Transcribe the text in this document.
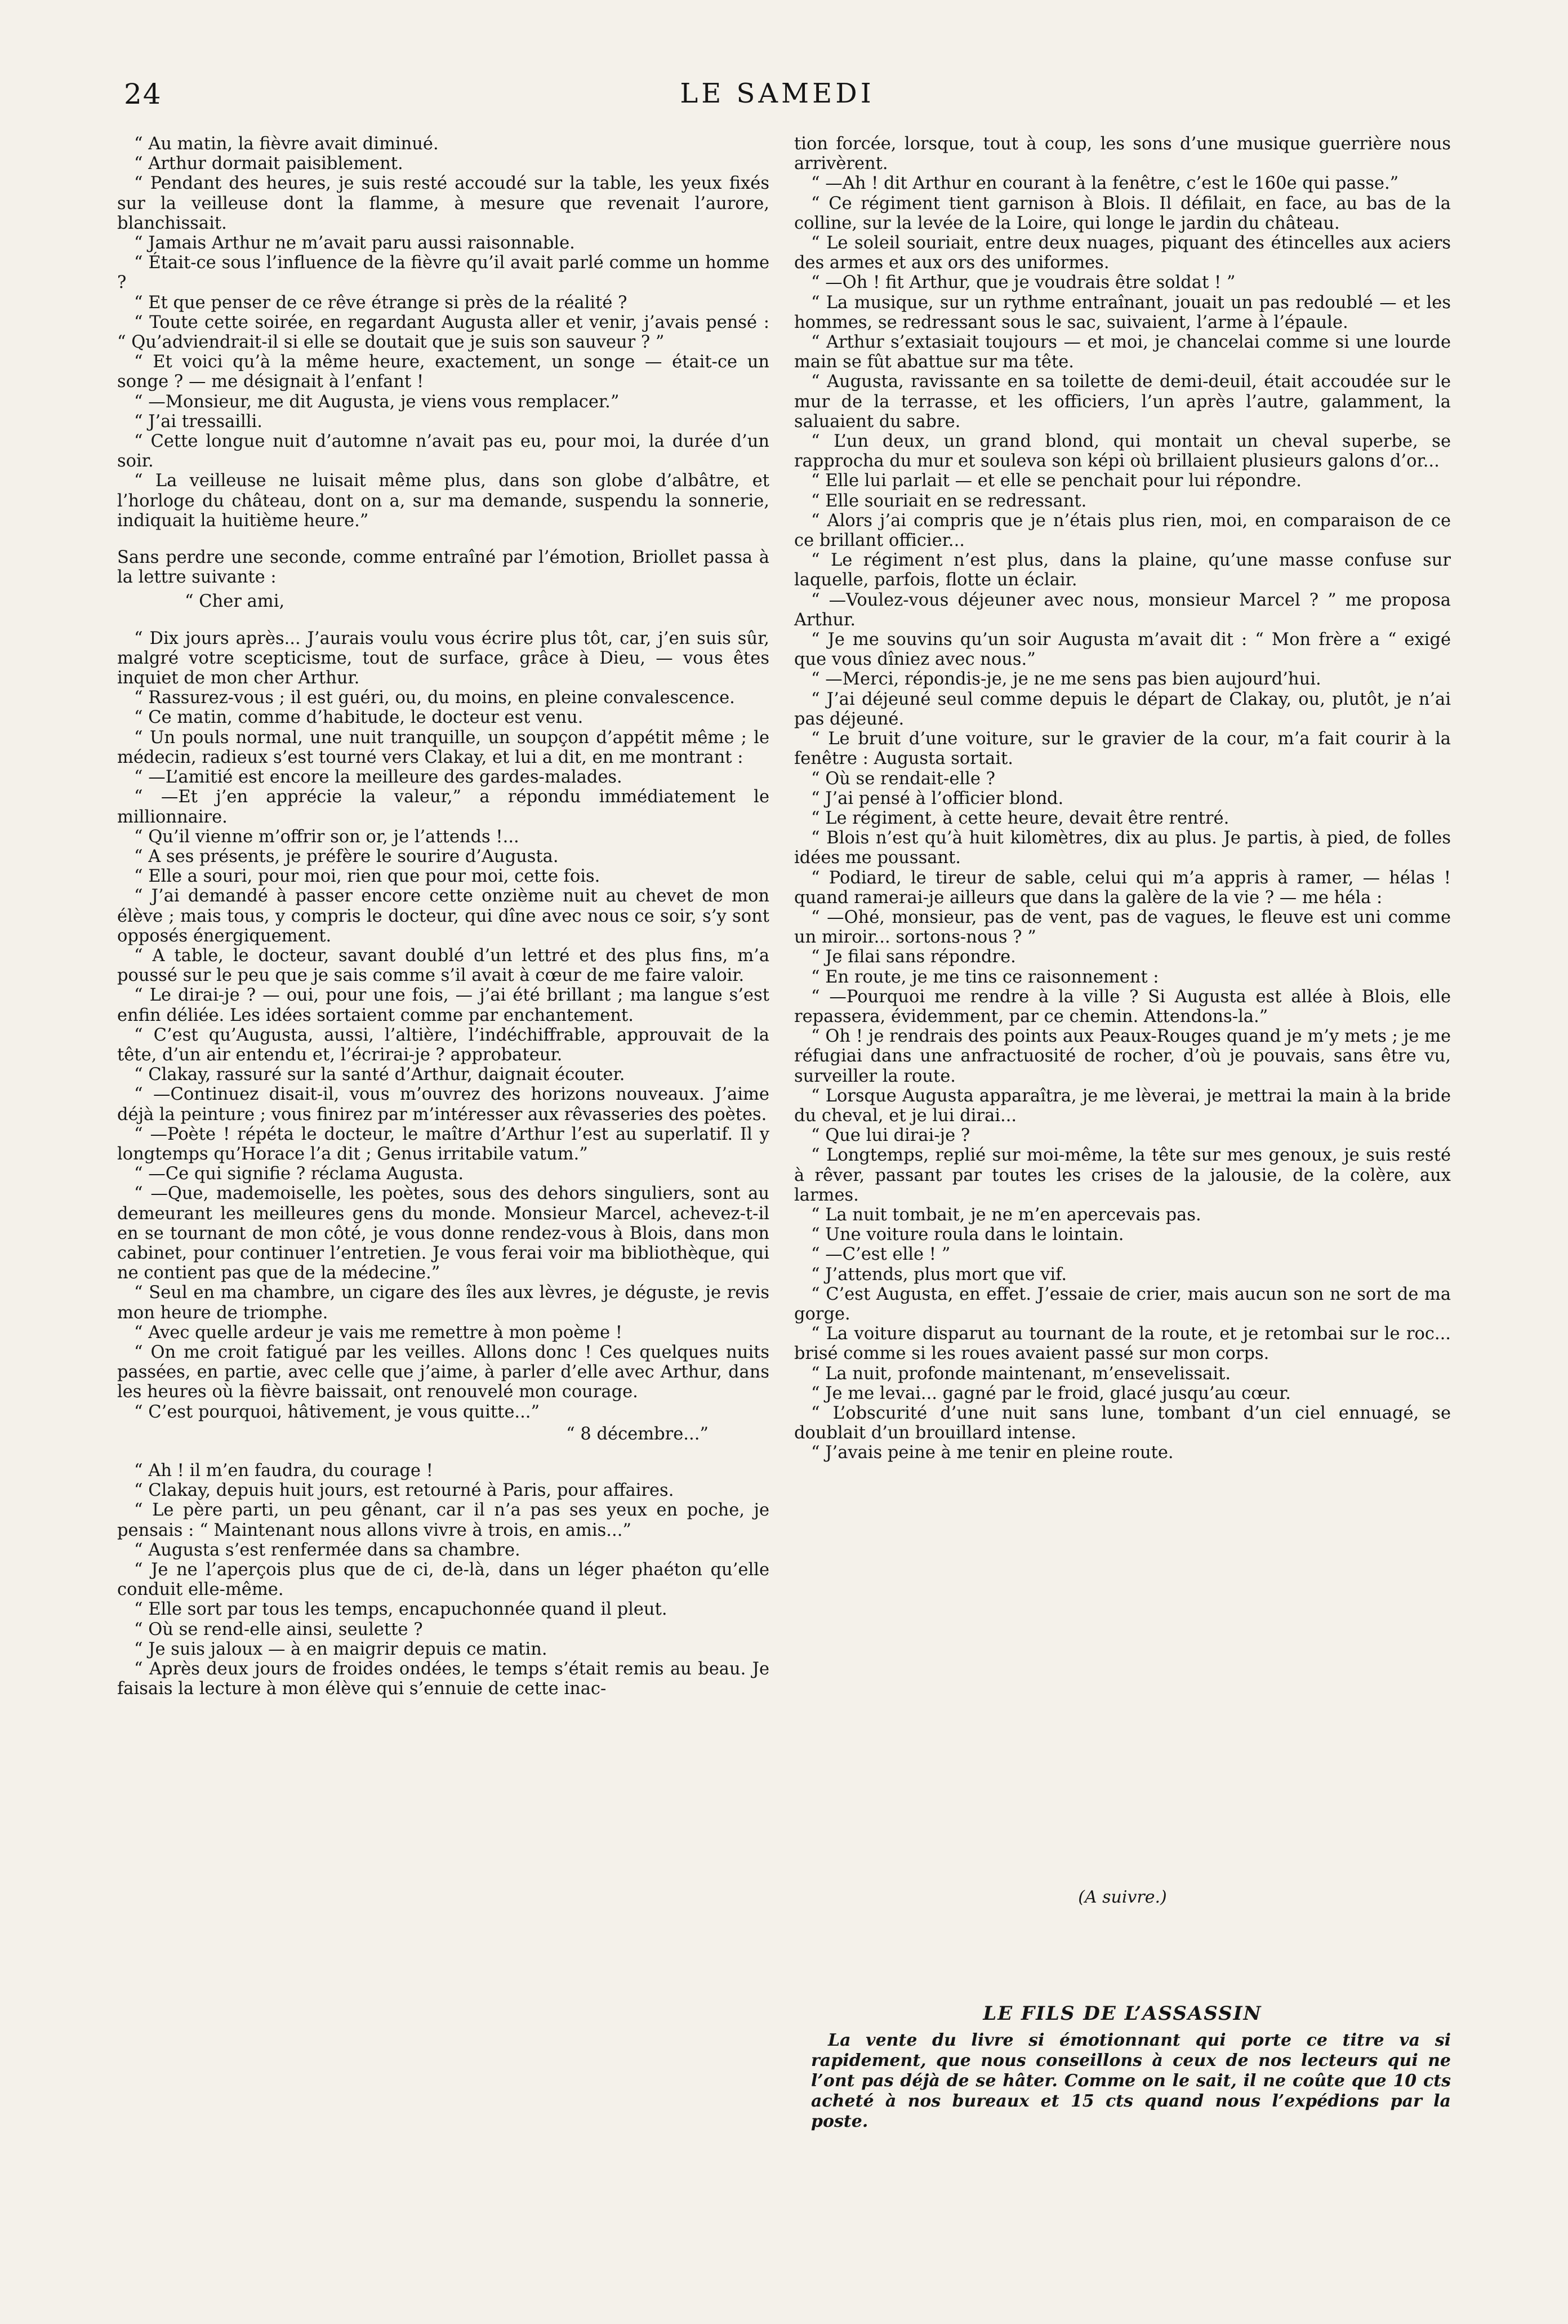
24	LE SAMEDI

“ Au matin, la fièvre avait diminué.

“ Arthur dormait paisiblement.

“ Pendant des heures, je suis resté accoudé sur la table, les yeux fixés sur la veilleuse dont la flamme, à mesure que revenait l’aurore, blanchissait.

“ Jamais Arthur ne m’avait paru aussi raisonnable.

“ Était-ce sous l’influence de la fièvre qu’il avait parlé comme un homme ?

“ Et que penser de ce rêve étrange si près de la réalité ?

“ Toute cette soirée, en regardant Augusta aller et venir, j’avais pensé : “ Qu’adviendrait-il si elle se doutait que je suis son sauveur ? ”

“ Et voici qu’à la même heure, exactement, un songe — était-ce un songe ? — me désignait à l’enfant !

“ —Monsieur, me dit Augusta, je viens vous remplacer.”

“ J’ai tressailli.

“ Cette longue nuit d’automne n’avait pas eu, pour moi, la durée d’un soir.

“ La veilleuse ne luisait même plus, dans son globe d’albâtre, et l’horloge du château, dont on a, sur ma demande, suspendu la sonnerie, indiquait la huitième heure.”

Sans perdre une seconde, comme entraîné par l’émotion, Briollet passa à la lettre suivante :

“ Cher ami,

“ Dix jours après... J’aurais voulu vous écrire plus tôt, car, j’en suis sûr, malgré votre scepticisme, tout de surface, grâce à Dieu, — vous êtes inquiet de mon cher Arthur.

“ Rassurez-vous ; il est guéri, ou, du moins, en pleine convalescence.

“ Ce matin, comme d’habitude, le docteur est venu.

“ Un pouls normal, une nuit tranquille, un soupçon d’appétit même ; le médecin, radieux s’est tourné vers Clakay, et lui a dit, en me montrant :

“ —L’amitié est encore la meilleure des gardes-malades.

“ —Et j’en apprécie la valeur,” a répondu immédiatement le millionnaire.

“ Qu’il vienne m’offrir son or, je l’attends !...

“ A ses présents, je préfère le sourire d’Augusta.

“ Elle a souri, pour moi, rien que pour moi, cette fois.

“ J’ai demandé à passer encore cette onzième nuit au chevet de mon élève ; mais tous, y compris le docteur, qui dîne avec nous ce soir, s’y sont opposés énergiquement.

“ A table, le docteur, savant doublé d’un lettré et des plus fins, m’a poussé sur le peu que je sais comme s’il avait à cœur de me faire valoir.

“ Le dirai-je ? — oui, pour une fois, — j’ai été brillant ; ma langue s’est enfin déliée. Les idées sortaient comme par enchantement.

“ C’est qu’Augusta, aussi, l’altière, l’indéchiffrable, approuvait de la tête, d’un air entendu et, l’écrirai-je ? approbateur.

“ Clakay, rassuré sur la santé d’Arthur, daignait écouter.

“ —Continuez disait-il, vous m’ouvrez des horizons nouveaux. J’aime déjà la peinture ; vous finirez par m’intéresser aux rêvasseries des poètes.

“ —Poète ! répéta le docteur, le maître d’Arthur l’est au superlatif. Il y longtemps qu’Horace l’a dit ; Genus irritabile vatum.”

“ —Ce qui signifie ? réclama Augusta.

“ —Que, mademoiselle, les poètes, sous des dehors singuliers, sont au demeurant les meilleures gens du monde. Monsieur Marcel, achevez-t-il en se tournant de mon côté, je vous donne rendez-vous à Blois, dans mon cabinet, pour continuer l’entretien. Je vous ferai voir ma bibliothèque, qui ne contient pas que de la médecine.”

“ Seul en ma chambre, un cigare des îles aux lèvres, je déguste, je revis mon heure de triomphe.

“ Avec quelle ardeur je vais me remettre à mon poème !

“ On me croit fatigué par les veilles. Allons donc ! Ces quelques nuits passées, en partie, avec celle que j’aime, à parler d’elle avec Arthur, dans les heures où la fièvre baissait, ont renouvelé mon courage.

“ C’est pourquoi, hâtivement, je vous quitte...”

“ 8 décembre...”

“ Ah ! il m’en faudra, du courage !

“ Clakay, depuis huit jours, est retourné à Paris, pour affaires.

“ Le père parti, un peu gênant, car il n’a pas ses yeux en poche, je pensais : “ Maintenant nous allons vivre à trois, en amis...”

“ Augusta s’est renfermée dans sa chambre.

“ Je ne l’aperçois plus que de ci, de-là, dans un léger phaéton qu’elle conduit elle-même.

“ Elle sort par tous les temps, encapuchonnée quand il pleut.

“ Où se rend-elle ainsi, seulette ?

“ Je suis jaloux — à en maigrir depuis ce matin.

“ Après deux jours de froides ondées, le temps s’était remis au beau. Je faisais la lecture à mon élève qui s’ennuie de cette inac-

tion forcée, lorsque, tout à coup, les sons d’une musique guerrière nous arrivèrent.

“ —Ah ! dit Arthur en courant à la fenêtre, c’est le 160e qui passe.”

“ Ce régiment tient garnison à Blois. Il défilait, en face, au bas de la colline, sur la levée de la Loire, qui longe le jardin du château.

“ Le soleil souriait, entre deux nuages, piquant des étincelles aux aciers des armes et aux ors des uniformes.

“ —Oh ! fit Arthur, que je voudrais être soldat ! ”

“ La musique, sur un rythme entraînant, jouait un pas redoublé — et les hommes, se redressant sous le sac, suivaient, l’arme à l’épaule.

“ Arthur s’extasiait toujours — et moi, je chancelai comme si une lourde main se fût abattue sur ma tête.

“ Augusta, ravissante en sa toilette de demi-deuil, était accoudée sur le mur de la terrasse, et les officiers, l’un après l’autre, galamment, la saluaient du sabre.

“ L’un deux, un grand blond, qui montait un cheval superbe, se rapprocha du mur et souleva son képi où brillaient plusieurs galons d’or...

“ Elle lui parlait — et elle se penchait pour lui répondre.

“ Elle souriait en se redressant.

“ Alors j’ai compris que je n’étais plus rien, moi, en comparaison de ce ce brillant officier...

“ Le régiment n’est plus, dans la plaine, qu’une masse confuse sur laquelle, parfois, flotte un éclair.

“ —Voulez-vous déjeuner avec nous, monsieur Marcel ? ” me proposa Arthur.

“ Je me souvins qu’un soir Augusta m’avait dit : “ Mon frère a “ exigé que vous dîniez avec nous.”

“ —Merci, répondis-je, je ne me sens pas bien aujourd’hui.

“ J’ai déjeuné seul comme depuis le départ de Clakay, ou, plutôt, je n’ai pas déjeuné.

“ Le bruit d’une voiture, sur le gravier de la cour, m’a fait courir à la fenêtre : Augusta sortait.

“ Où se rendait-elle ?

“ J’ai pensé à l’officier blond.

“ Le régiment, à cette heure, devait être rentré.

“ Blois n’est qu’à huit kilomètres, dix au plus. Je partis, à pied, de folles idées me poussant.

“ Podiard, le tireur de sable, celui qui m’a appris à ramer, — hélas ! quand ramerai-je ailleurs que dans la galère de la vie ? — me héla :

“ —Ohé, monsieur, pas de vent, pas de vagues, le fleuve est uni comme un miroir... sortons-nous ? ”

“ Je filai sans répondre.

“ En route, je me tins ce raisonnement :

“ —Pourquoi me rendre à la ville ? Si Augusta est allée à Blois, elle repassera, évidemment, par ce chemin. Attendons-la.”

“ Oh ! je rendrais des points aux Peaux-Rouges quand je m’y mets ; je me réfugiai dans une anfractuosité de rocher, d’où je pouvais, sans être vu, surveiller la route.

“ Lorsque Augusta apparaîtra, je me lèverai, je mettrai la main à la bride du cheval, et je lui dirai...

“ Que lui dirai-je ?

“ Longtemps, replié sur moi-même, la tête sur mes genoux, je suis resté à rêver, passant par toutes les crises de la jalousie, de la colère, aux larmes.

“ La nuit tombait, je ne m’en apercevais pas.

“ Une voiture roula dans le lointain.

“ —C’est elle ! ”

“ J’attends, plus mort que vif.

“ C’est Augusta, en effet. J’essaie de crier, mais aucun son ne sort de ma gorge.

“ La voiture disparut au tournant de la route, et je retombai sur le roc... brisé comme si les roues avaient passé sur mon corps.

“ La nuit, profonde maintenant, m’ensevelissait.

“ Je me levai... gagné par le froid, glacé jusqu’au cœur.

“ L’obscurité d’une nuit sans lune, tombant d’un ciel ennuagé, se doublait d’un brouillard intense.

“ J’avais peine à me tenir en pleine route.

(A suivre.)
LE FILS DE L’ASSASSIN
La vente du livre si émotionnant qui porte ce titre va si rapidement, que nous conseillons à ceux de nos lecteurs qui ne l’ont pas déjà de se hâter. Comme on le sait, il ne coûte que 10 cts acheté à nos bureaux et 15 cts quand nous l’expédions par la poste.
